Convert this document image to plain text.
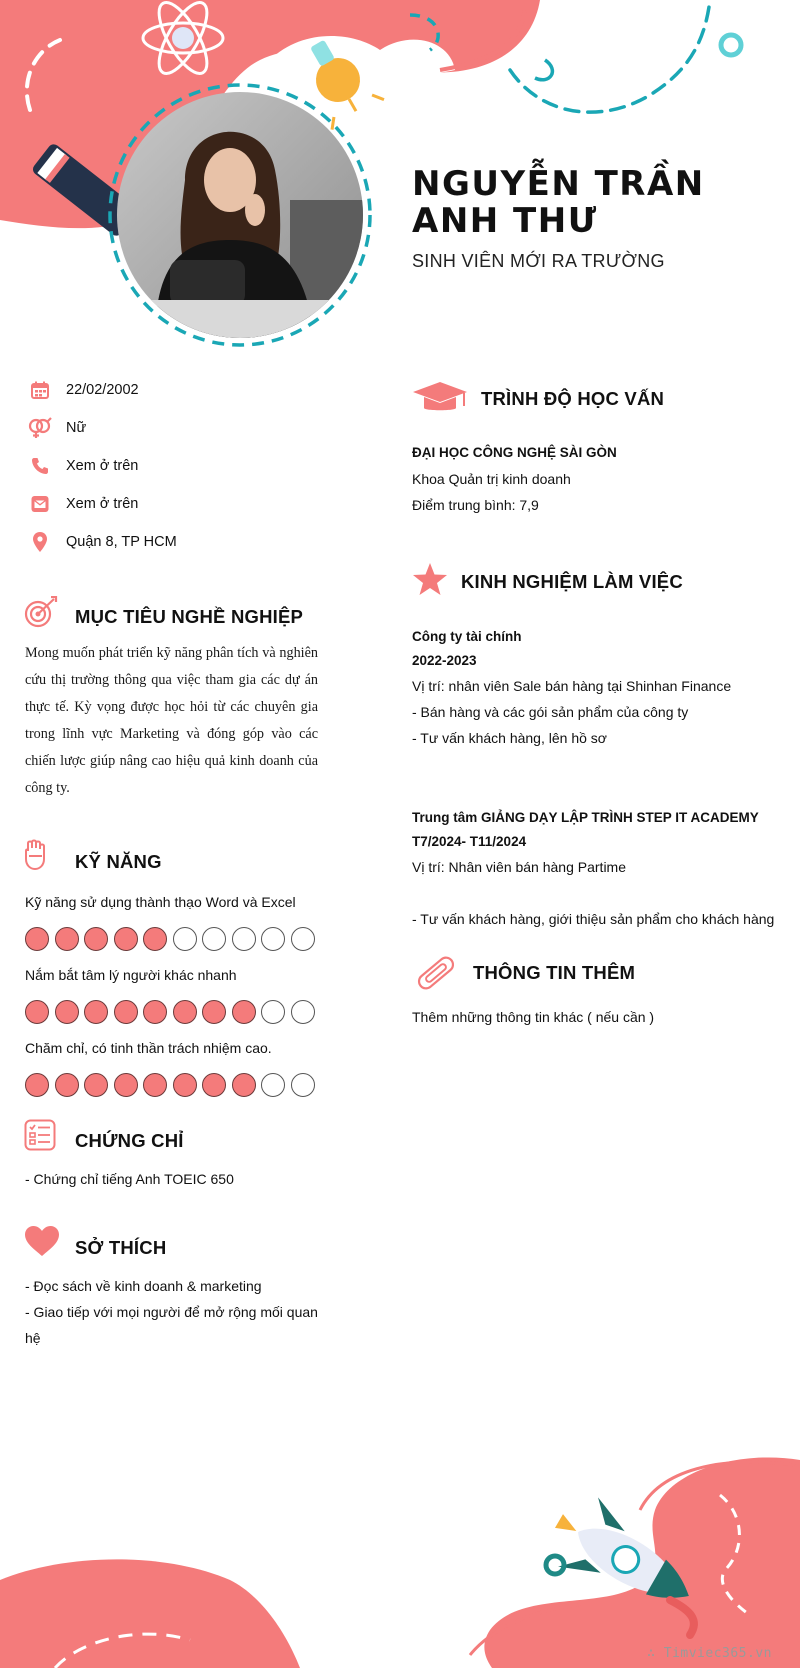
NGUYỄN TRẦN ANH THƯ
SINH VIÊN MỚI RA TRƯỜNG
22/02/2002
Nữ
Xem ở trên
Xem ở trên
Quận 8, TP HCM
MỤC TIÊU NGHỀ NGHIỆP
Mong muốn phát triển kỹ năng phân tích và nghiên cứu thị trường thông qua việc tham gia các dự án thực tế. Kỳ vọng được học hỏi từ các chuyên gia trong lĩnh vực Marketing và đóng góp vào các chiến lược giúp nâng cao hiệu quả kinh doanh của công ty.
KỸ NĂNG
Kỹ năng sử dụng thành thạo Word và Excel
Nắm bắt tâm lý người khác nhanh
Chăm chỉ, có tinh thần trách nhiệm cao.
CHỨNG CHỈ
- Chứng chỉ tiếng Anh TOEIC 650
SỞ THÍCH
- Đọc sách về kinh doanh & marketing
- Giao tiếp với mọi người để mở rộng mối quan hệ
TRÌNH ĐỘ HỌC VẤN
ĐẠI HỌC CÔNG NGHỆ SÀI GÒN
Khoa Quản trị kinh doanh
Điểm trung bình: 7,9
KINH NGHIỆM LÀM VIỆC
Công ty tài chính
2022-2023
Vị trí: nhân viên Sale bán hàng tại Shinhan Finance
- Bán hàng và các gói sản phẩm của công ty
- Tư vấn khách hàng, lên hồ sơ
Trung tâm GIẢNG DẠY LẬP TRÌNH STEP IT ACADEMY
T7/2024- T11/2024
Vị trí: Nhân viên bán hàng Partime
- Tư vấn khách hàng, giới thiệu sản phẩm cho khách hàng
THÔNG TIN THÊM
Thêm những thông tin khác ( nếu cần )
∴ Timviec365.vn
